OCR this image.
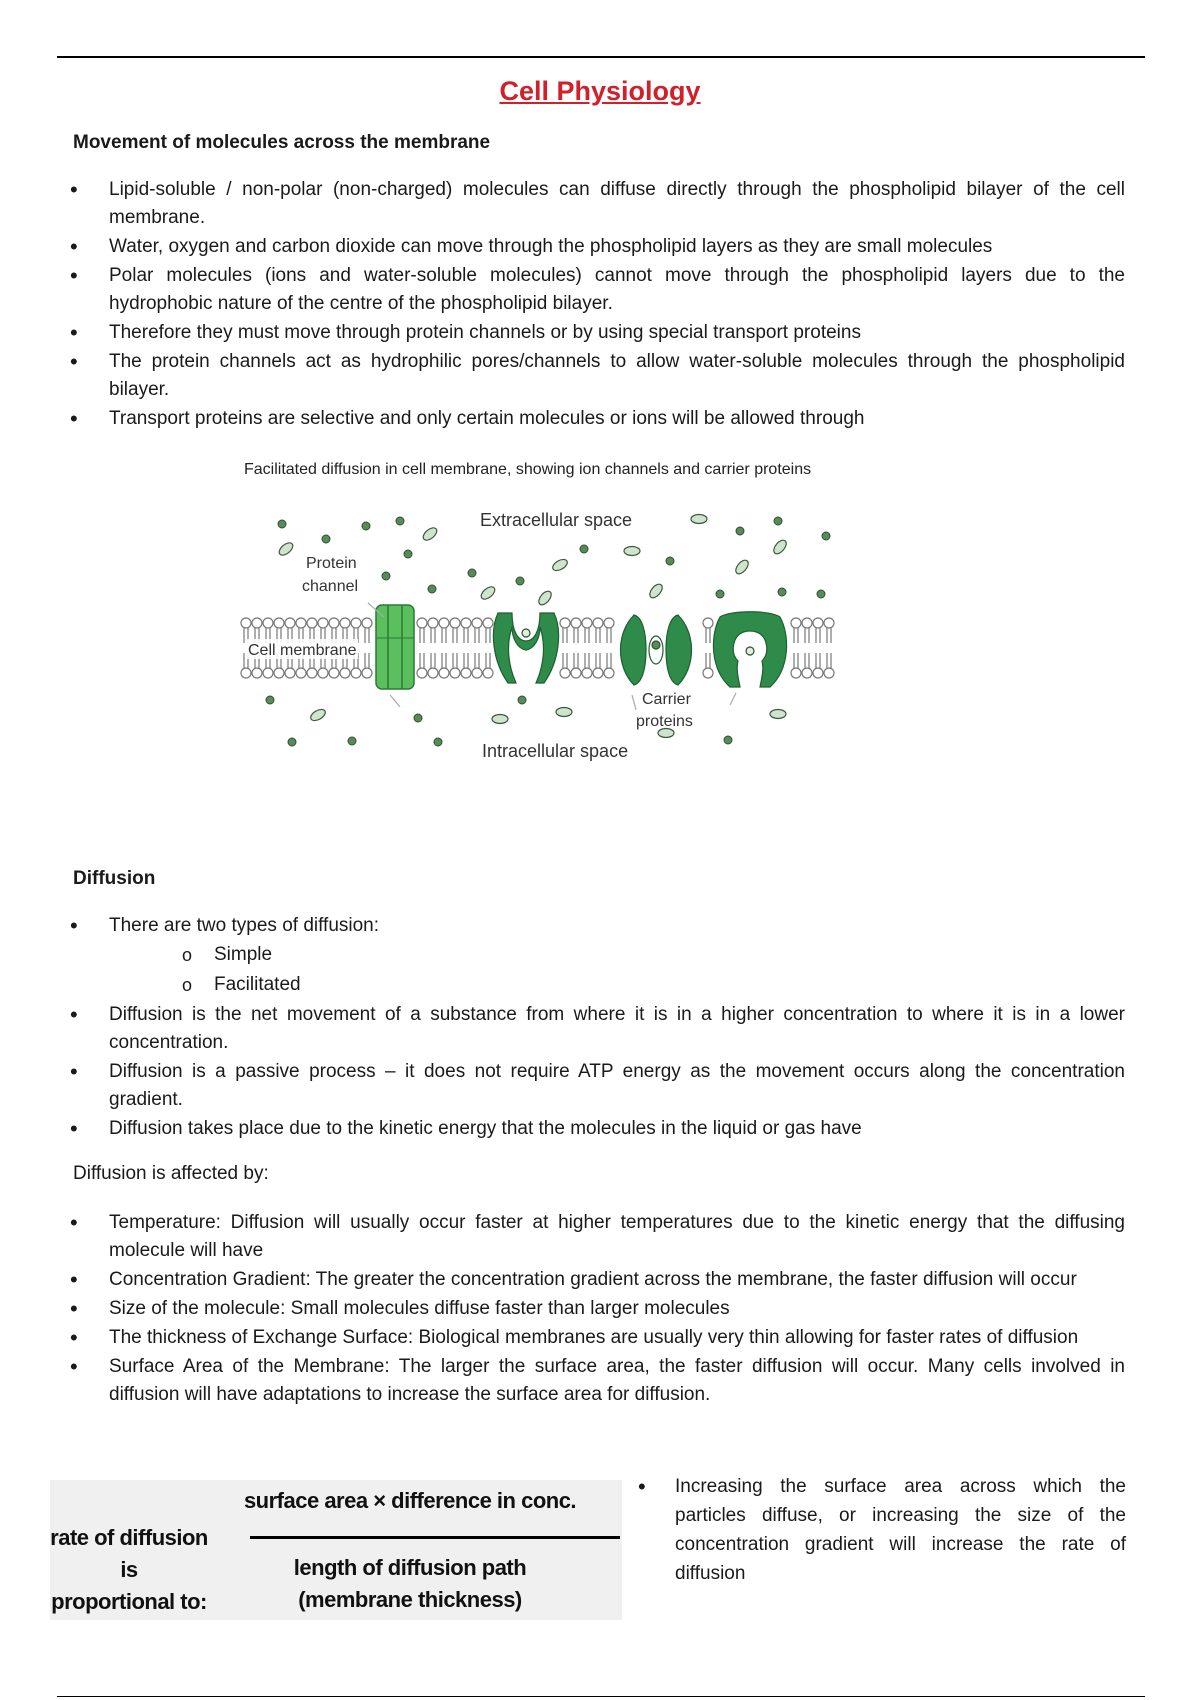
Cell Physiology
Movement of molecules across the membrane
• Lipid-soluble / non-polar (non-charged) molecules can diffuse directly through the phospholipid bilayer of the cell membrane.
• Water, oxygen and carbon dioxide can move through the phospholipid layers as they are small molecules
• Polar molecules (ions and water-soluble molecules) cannot move through the phospholipid layers due to the hydrophobic nature of the centre of the phospholipid bilayer.
• Therefore they must move through protein channels or by using special transport proteins
• The protein channels act as hydrophilic pores/channels to allow water-soluble molecules through the phospholipid bilayer.
• Transport proteins are selective and only certain molecules or ions will be allowed through
Extracellular space
Protein
channel
Cell membrane
Carrier
proteins
Intracellular space
Facilitated diffusion in cell membrane, showing ion channels and carrier proteins
Diffusion
• There are two types of diffusion:
o Simple
o Facilitated
• Diffusion is the net movement of a substance from where it is in a higher concentration to where it is in a lower concentration.
• Diffusion is a passive process – it does not require ATP energy as the movement occurs along the concentration gradient.
• Diffusion takes place due to the kinetic energy that the molecules in the liquid or gas have
Diffusion is affected by:
• Temperature: Diffusion will usually occur faster at higher temperatures due to the kinetic energy that the diffusing molecule will have
• Concentration Gradient: The greater the concentration gradient across the membrane, the faster diffusion will occur
• Size of the molecule: Small molecules diffuse faster than larger molecules
• The thickness of Exchange Surface: Biological membranes are usually very thin allowing for faster rates of diffusion
• Surface Area of the Membrane: The larger the surface area, the faster diffusion will occur. Many cells involved in diffusion will have adaptations to increase the surface area for diffusion.
rate of diffusion is
proportional to:
surface area × difference in conc.
length of diffusion path
(membrane thickness)
• Increasing the surface area across which the particles diffuse, or increasing the size of the concentration gradient will increase the rate of diffusion
